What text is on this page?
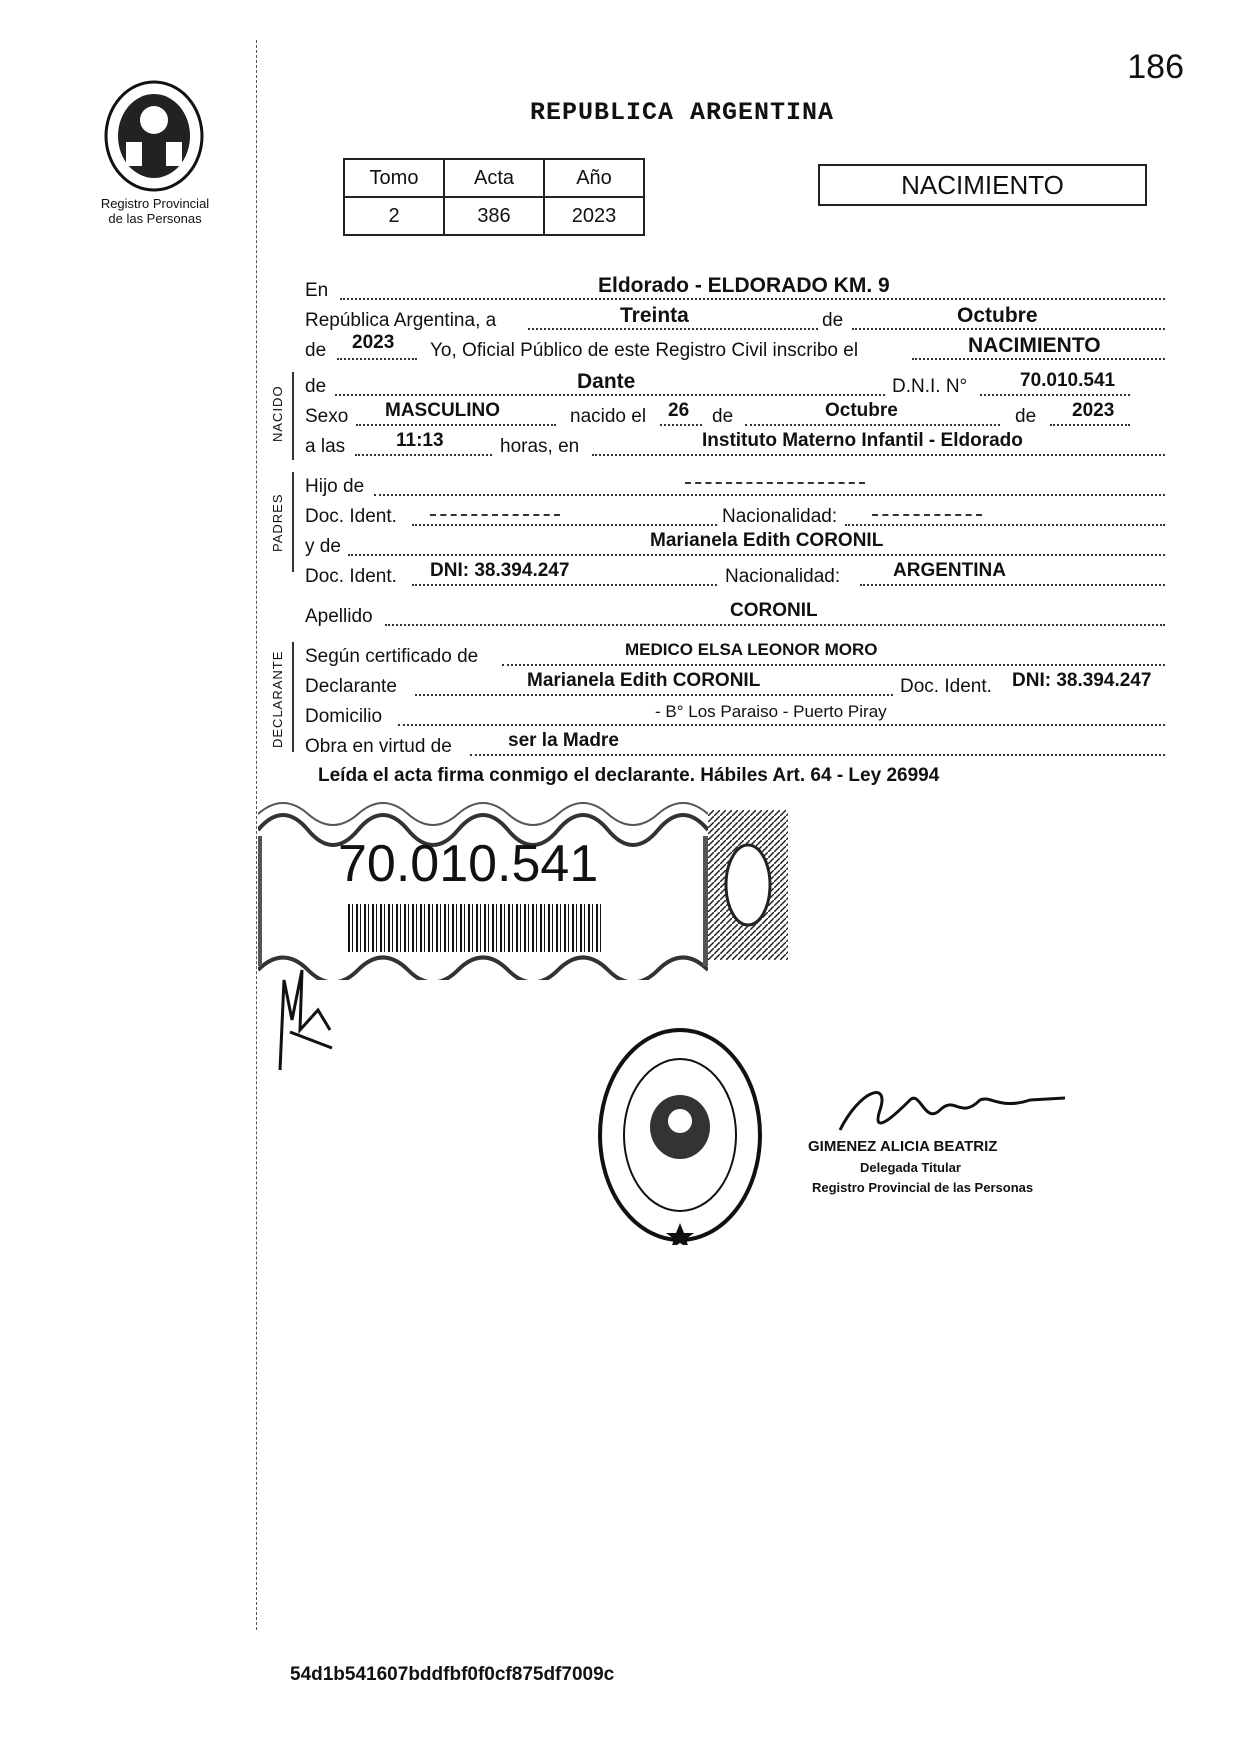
186
Registro Provincial
de las Personas
REPUBLICA ARGENTINA
Tomo	Acta	Año
2	386	2023
NACIMIENTO
En	Eldorado - ELDORADO KM. 9
República Argentina, a	Treinta	de	Octubre
de 2023 Yo, Oficial Público de este Registro Civil inscribo el	NACIMIENTO
de	Dante	D.N.I. N°	70.010.541
Sexo MASCULINO	nacido el 26 de	Octubre	de 2023
a las	11:13	horas, en	Instituto Materno Infantil - Eldorado
Hijo de
Doc. Ident.	Nacionalidad:
y de	Marianela Edith CORONIL
Doc. Ident. DNI: 38.394.247	Nacionalidad:	ARGENTINA
Apellido	CORONIL
Según certificado de	MEDICO ELSA LEONOR MORO
Declarante	Marianela Edith CORONIL	Doc. Ident. DNI: 38.394.247
Domicilio	- B° Los Paraiso - Puerto Piray
Obra en virtud de	ser la Madre
NACIDO
PADRES
DECLARANTE
Leída el acta firma conmigo el declarante. Hábiles Art. 64 - Ley 26994
70.010.541
GIMENEZ ALICIA BEATRIZ
Delegada Titular
Registro Provincial de las Personas
54d1b541607bddfbf0f0cf875df7009c
